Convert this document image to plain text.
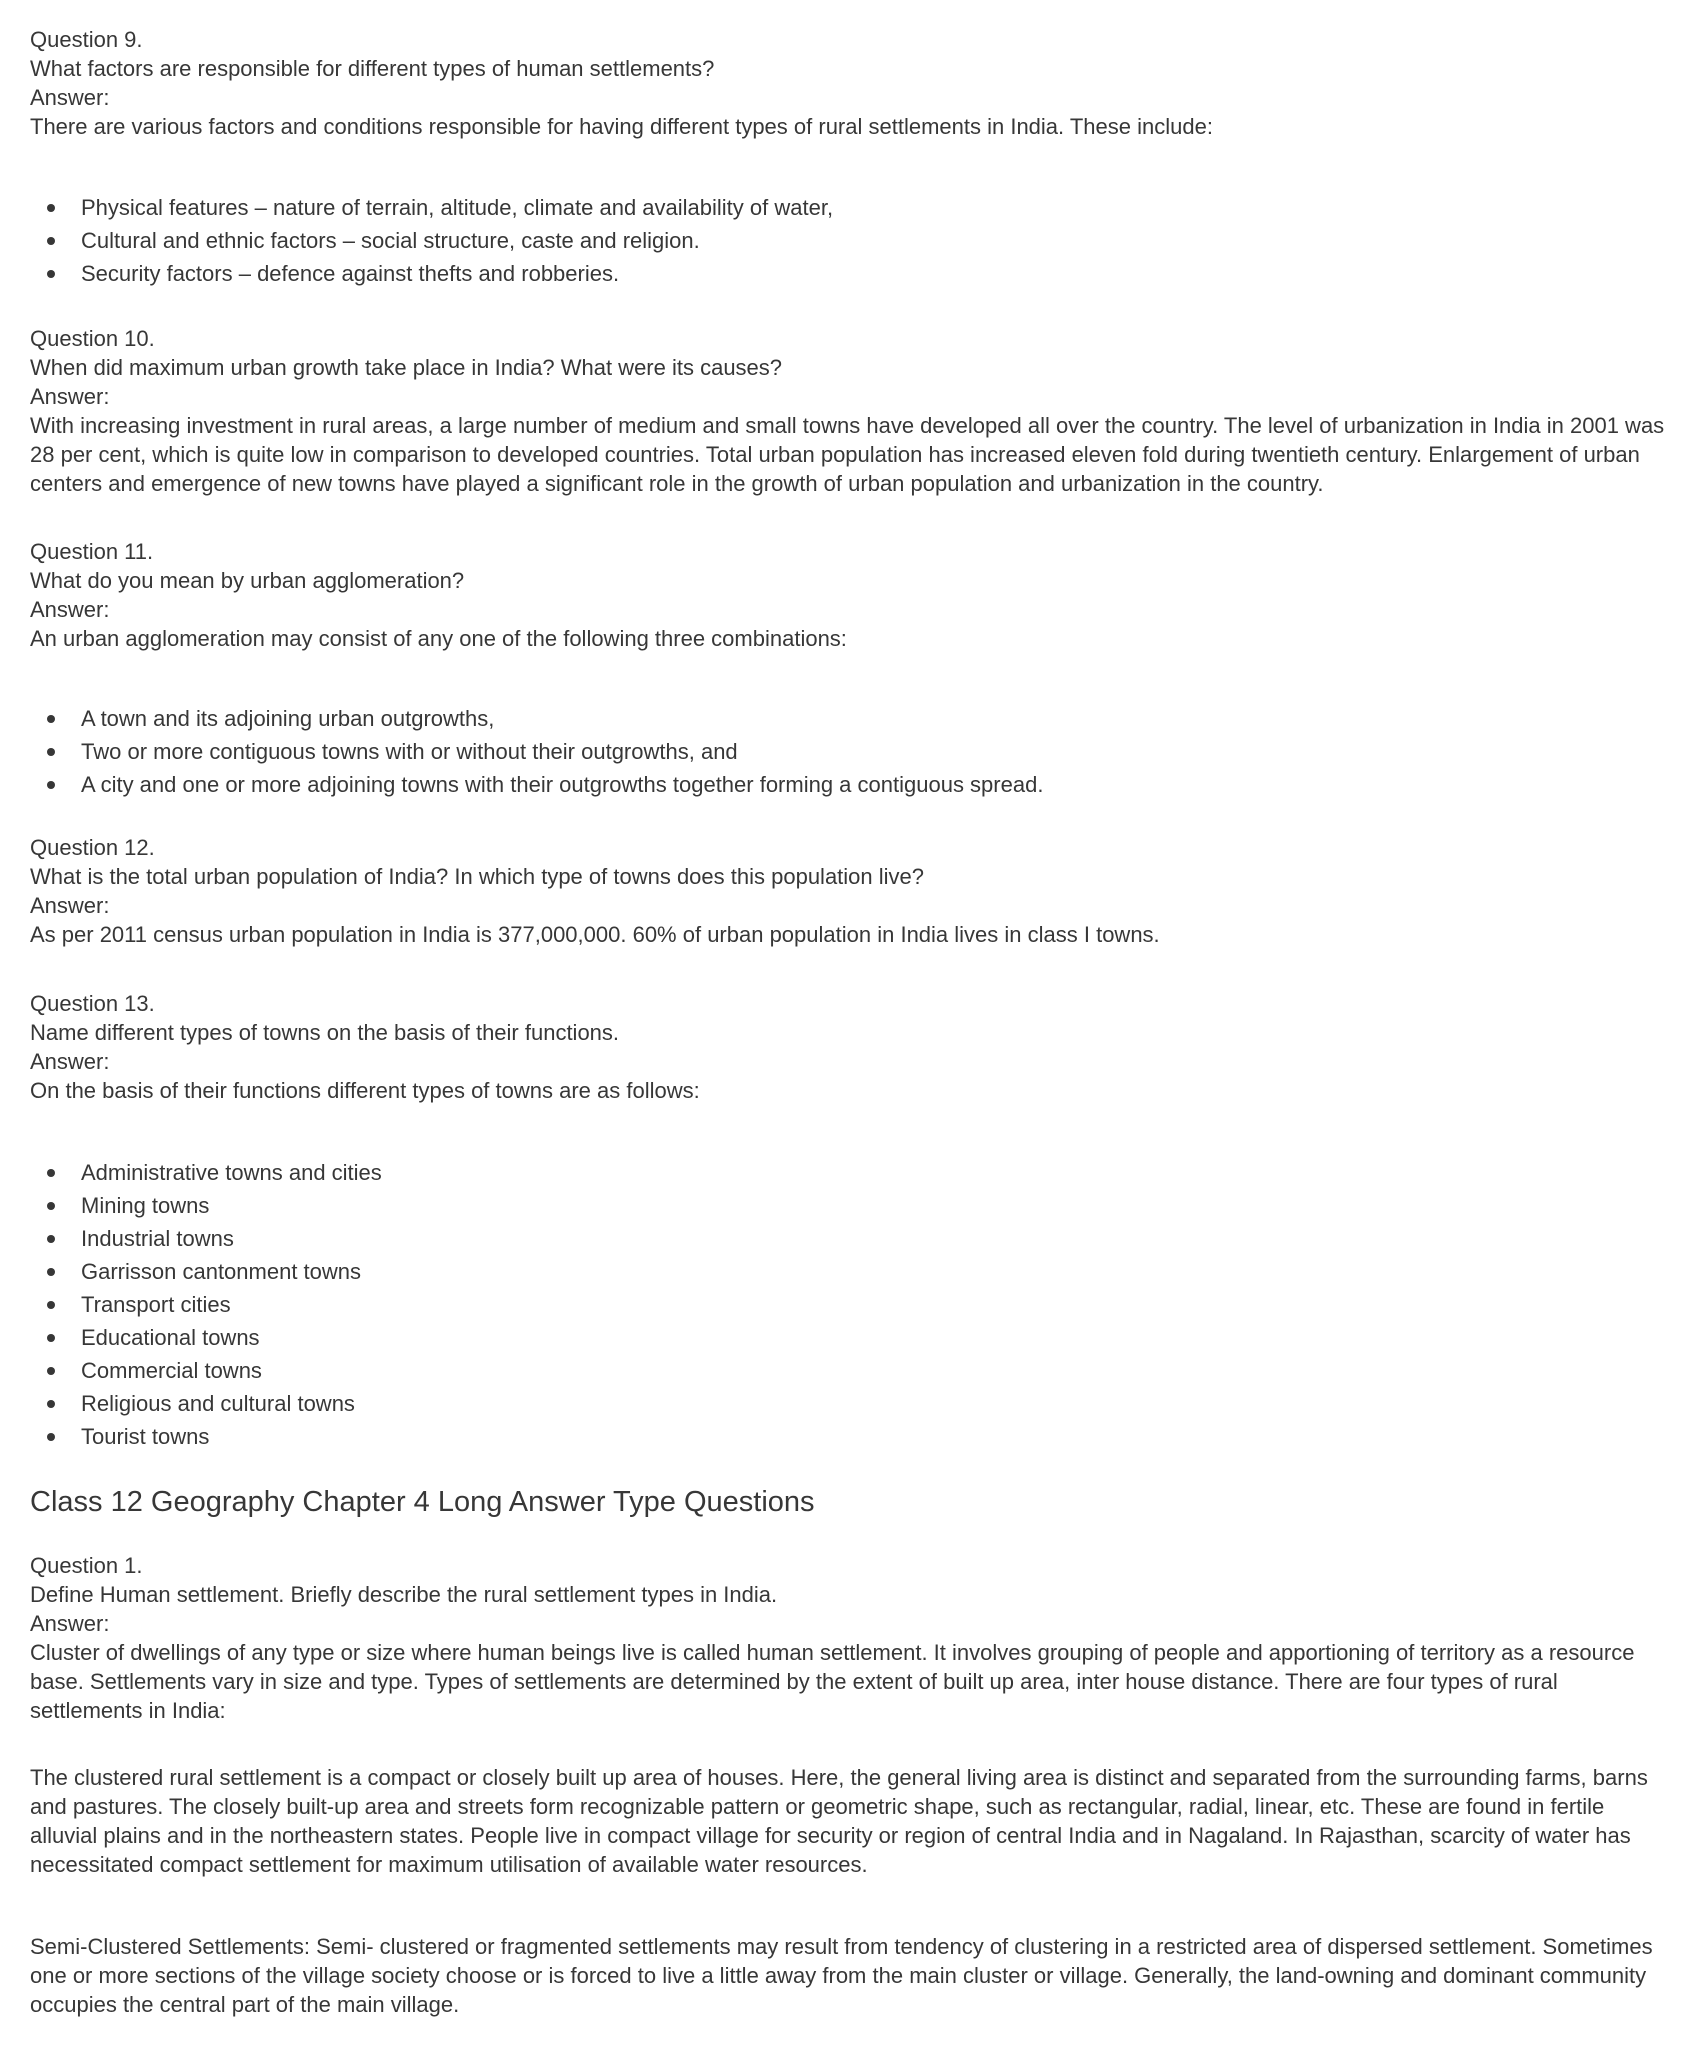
Question 9.
What factors are responsible for different types of human settlements?
Answer:
There are various factors and conditions responsible for having different types of rural settlements in India. These include:
Physical features – nature of terrain, altitude, climate and availability of water,
Cultural and ethnic factors – social structure, caste and religion.
Security factors – defence against thefts and robberies.
Question 10.
When did maximum urban growth take place in India? What were its causes?
Answer:
With increasing investment in rural areas, a large number of medium and small towns have developed all over the country. The level of urbanization in India in 2001 was 28 per cent, which is quite low in comparison to developed countries. Total urban population has increased eleven fold during twentieth century. Enlargement of urban centers and emergence of new towns have played a significant role in the growth of urban population and urbanization in the country.
Question 11.
What do you mean by urban agglomeration?
Answer:
An urban agglomeration may consist of any one of the following three combinations:
A town and its adjoining urban outgrowths,
Two or more contiguous towns with or without their outgrowths, and
A city and one or more adjoining towns with their outgrowths together forming a contiguous spread.
Question 12.
What is the total urban population of India? In which type of towns does this population live?
Answer:
As per 2011 census urban population in India is 377,000,000. 60% of urban population in India lives in class I towns.
Question 13.
Name different types of towns on the basis of their functions.
Answer:
On the basis of their functions different types of towns are as follows:
Administrative towns and cities
Mining towns
Industrial towns
Garrisson cantonment towns
Transport cities
Educational towns
Commercial towns
Religious and cultural towns
Tourist towns
Class 12 Geography Chapter 4 Long Answer Type Questions
Question 1.
Define Human settlement. Briefly describe the rural settlement types in India.
Answer:
Cluster of dwellings of any type or size where human beings live is called human settlement. It involves grouping of people and apportioning of territory as a resource base. Settlements vary in size and type. Types of settlements are determined by the extent of built up area, inter house distance. There are four types of rural settlements in India:
The clustered rural settlement is a compact or closely built up area of houses. Here, the general living area is distinct and separated from the surrounding farms, barns and pastures. The closely built-up area and streets form recognizable pattern or geometric shape, such as rectangular, radial, linear, etc. These are found in fertile alluvial plains and in the northeastern states. People live in compact village for security or region of central India and in Nagaland. In Rajasthan, scarcity of water has necessitated compact settlement for maximum utilisation of available water resources.
Semi-Clustered Settlements: Semi- clustered or fragmented settlements may result from tendency of clustering in a restricted area of dispersed settlement. Sometimes one or more sections of the village society choose or is forced to live a little away from the main cluster or village. Generally, the land-owning and dominant community occupies the central part of the main village.
